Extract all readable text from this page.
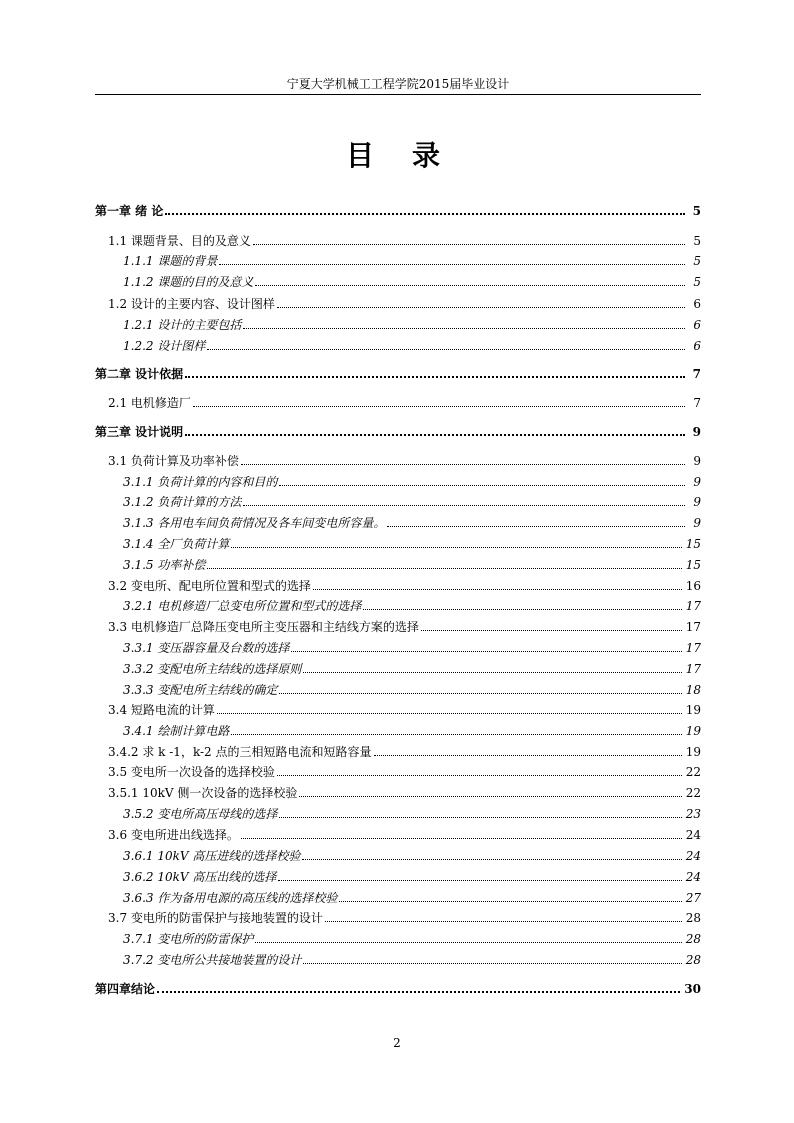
宁夏大学机械工工程学院2015届毕业设计
目 录
第一章 绪 论	5
1.1 课题背景、目的及意义	5
1.1.1 课题的背景	5
1.1.2 课题的目的及意义	5
1.2 设计的主要内容、设计图样	6
1.2.1 设计的主要包括	6
1.2.2 设计图样	6
第二章 设计依据	7
2.1 电机修造厂	7
第三章 设计说明	9
3.1 负荷计算及功率补偿	9
3.1.1 负荷计算的内容和目的	9
3.1.2 负荷计算的方法	9
3.1.3 各用电车间负荷情况及各车间变电所容量。	9
3.1.4 全厂负荷计算	15
3.1.5 功率补偿	15
3.2 变电所、配电所位置和型式的选择	16
3.2.1 电机修造厂总变电所位置和型式的选择	17
3.3 电机修造厂总降压变电所主变压器和主结线方案的选择	17
3.3.1 变压器容量及台数的选择	17
3.3.2 变配电所主结线的选择原则	17
3.3.3 变配电所主结线的确定	18
3.4 短路电流的计算	19
3.4.1 绘制计算电路	19
3.4.2 求 k -1，k-2 点的三相短路电流和短路容量	19
3.5 变电所一次设备的选择校验	22
3.5.1 10kV 侧一次设备的选择校验	22
3.5.2 变电所高压母线的选择	23
3.6 变电所进出线选择。	24
3.6.1 10kV 高压进线的选择校验	24
3.6.2 10kV 高压出线的选择	24
3.6.3 作为备用电源的高压线的选择校验	27
3.7 变电所的防雷保护与接地装置的设计	28
3.7.1 变电所的防雷保护	28
3.7.2 变电所公共接地装置的设计	28
第四章结论	30
2
